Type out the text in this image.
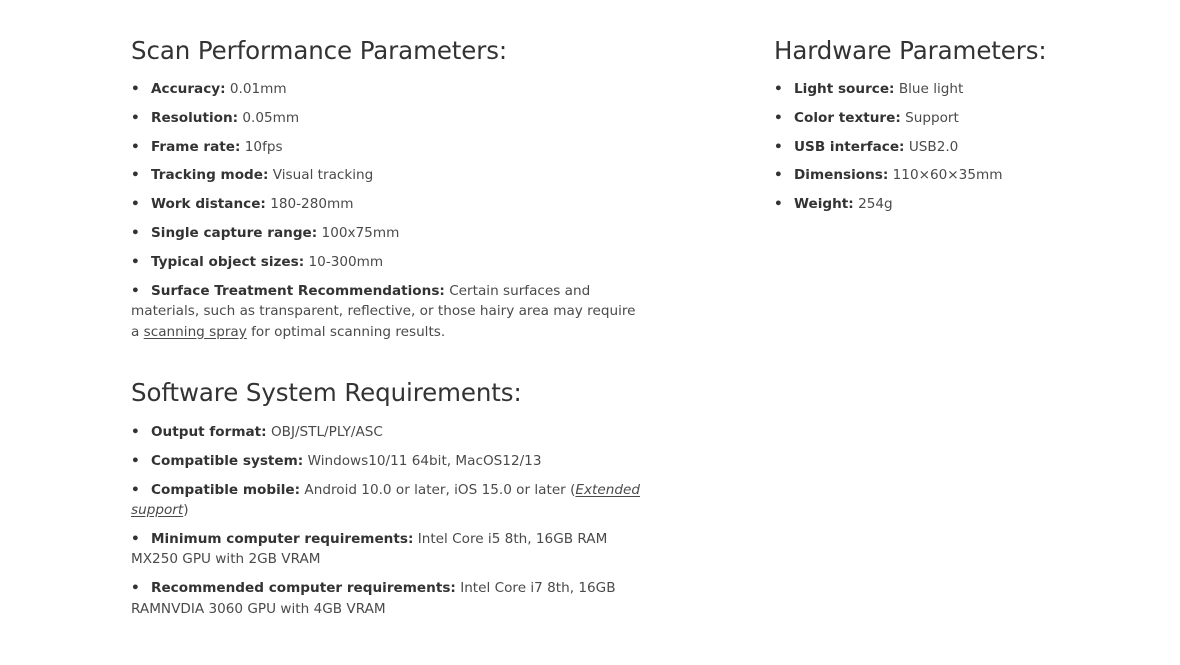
Scan Performance Parameters:
• Accuracy: 0.01mm
• Resolution: 0.05mm
• Frame rate: 10fps
• Tracking mode: Visual tracking
• Work distance: 180-280mm
• Single capture range: 100x75mm
• Typical object sizes: 10-300mm
• Surface Treatment Recommendations: Certain surfaces and materials, such as transparent, reflective, or those hairy area may require a scanning spray for optimal scanning results.
Software System Requirements:
• Output format: OBJ/STL/PLY/ASC
• Compatible system: Windows10/11 64bit, MacOS12/13
• Compatible mobile: Android 10.0 or later, iOS 15.0 or later (Extended support)
• Minimum computer requirements: Intel Core i5 8th, 16GB RAM MX250 GPU with 2GB VRAM
• Recommended computer requirements: Intel Core i7 8th, 16GB RAMNVDIA 3060 GPU with 4GB VRAM
Hardware Parameters:
• Light source: Blue light
• Color texture: Support
• USB interface: USB2.0
• Dimensions: 110×60×35mm
• Weight: 254g
